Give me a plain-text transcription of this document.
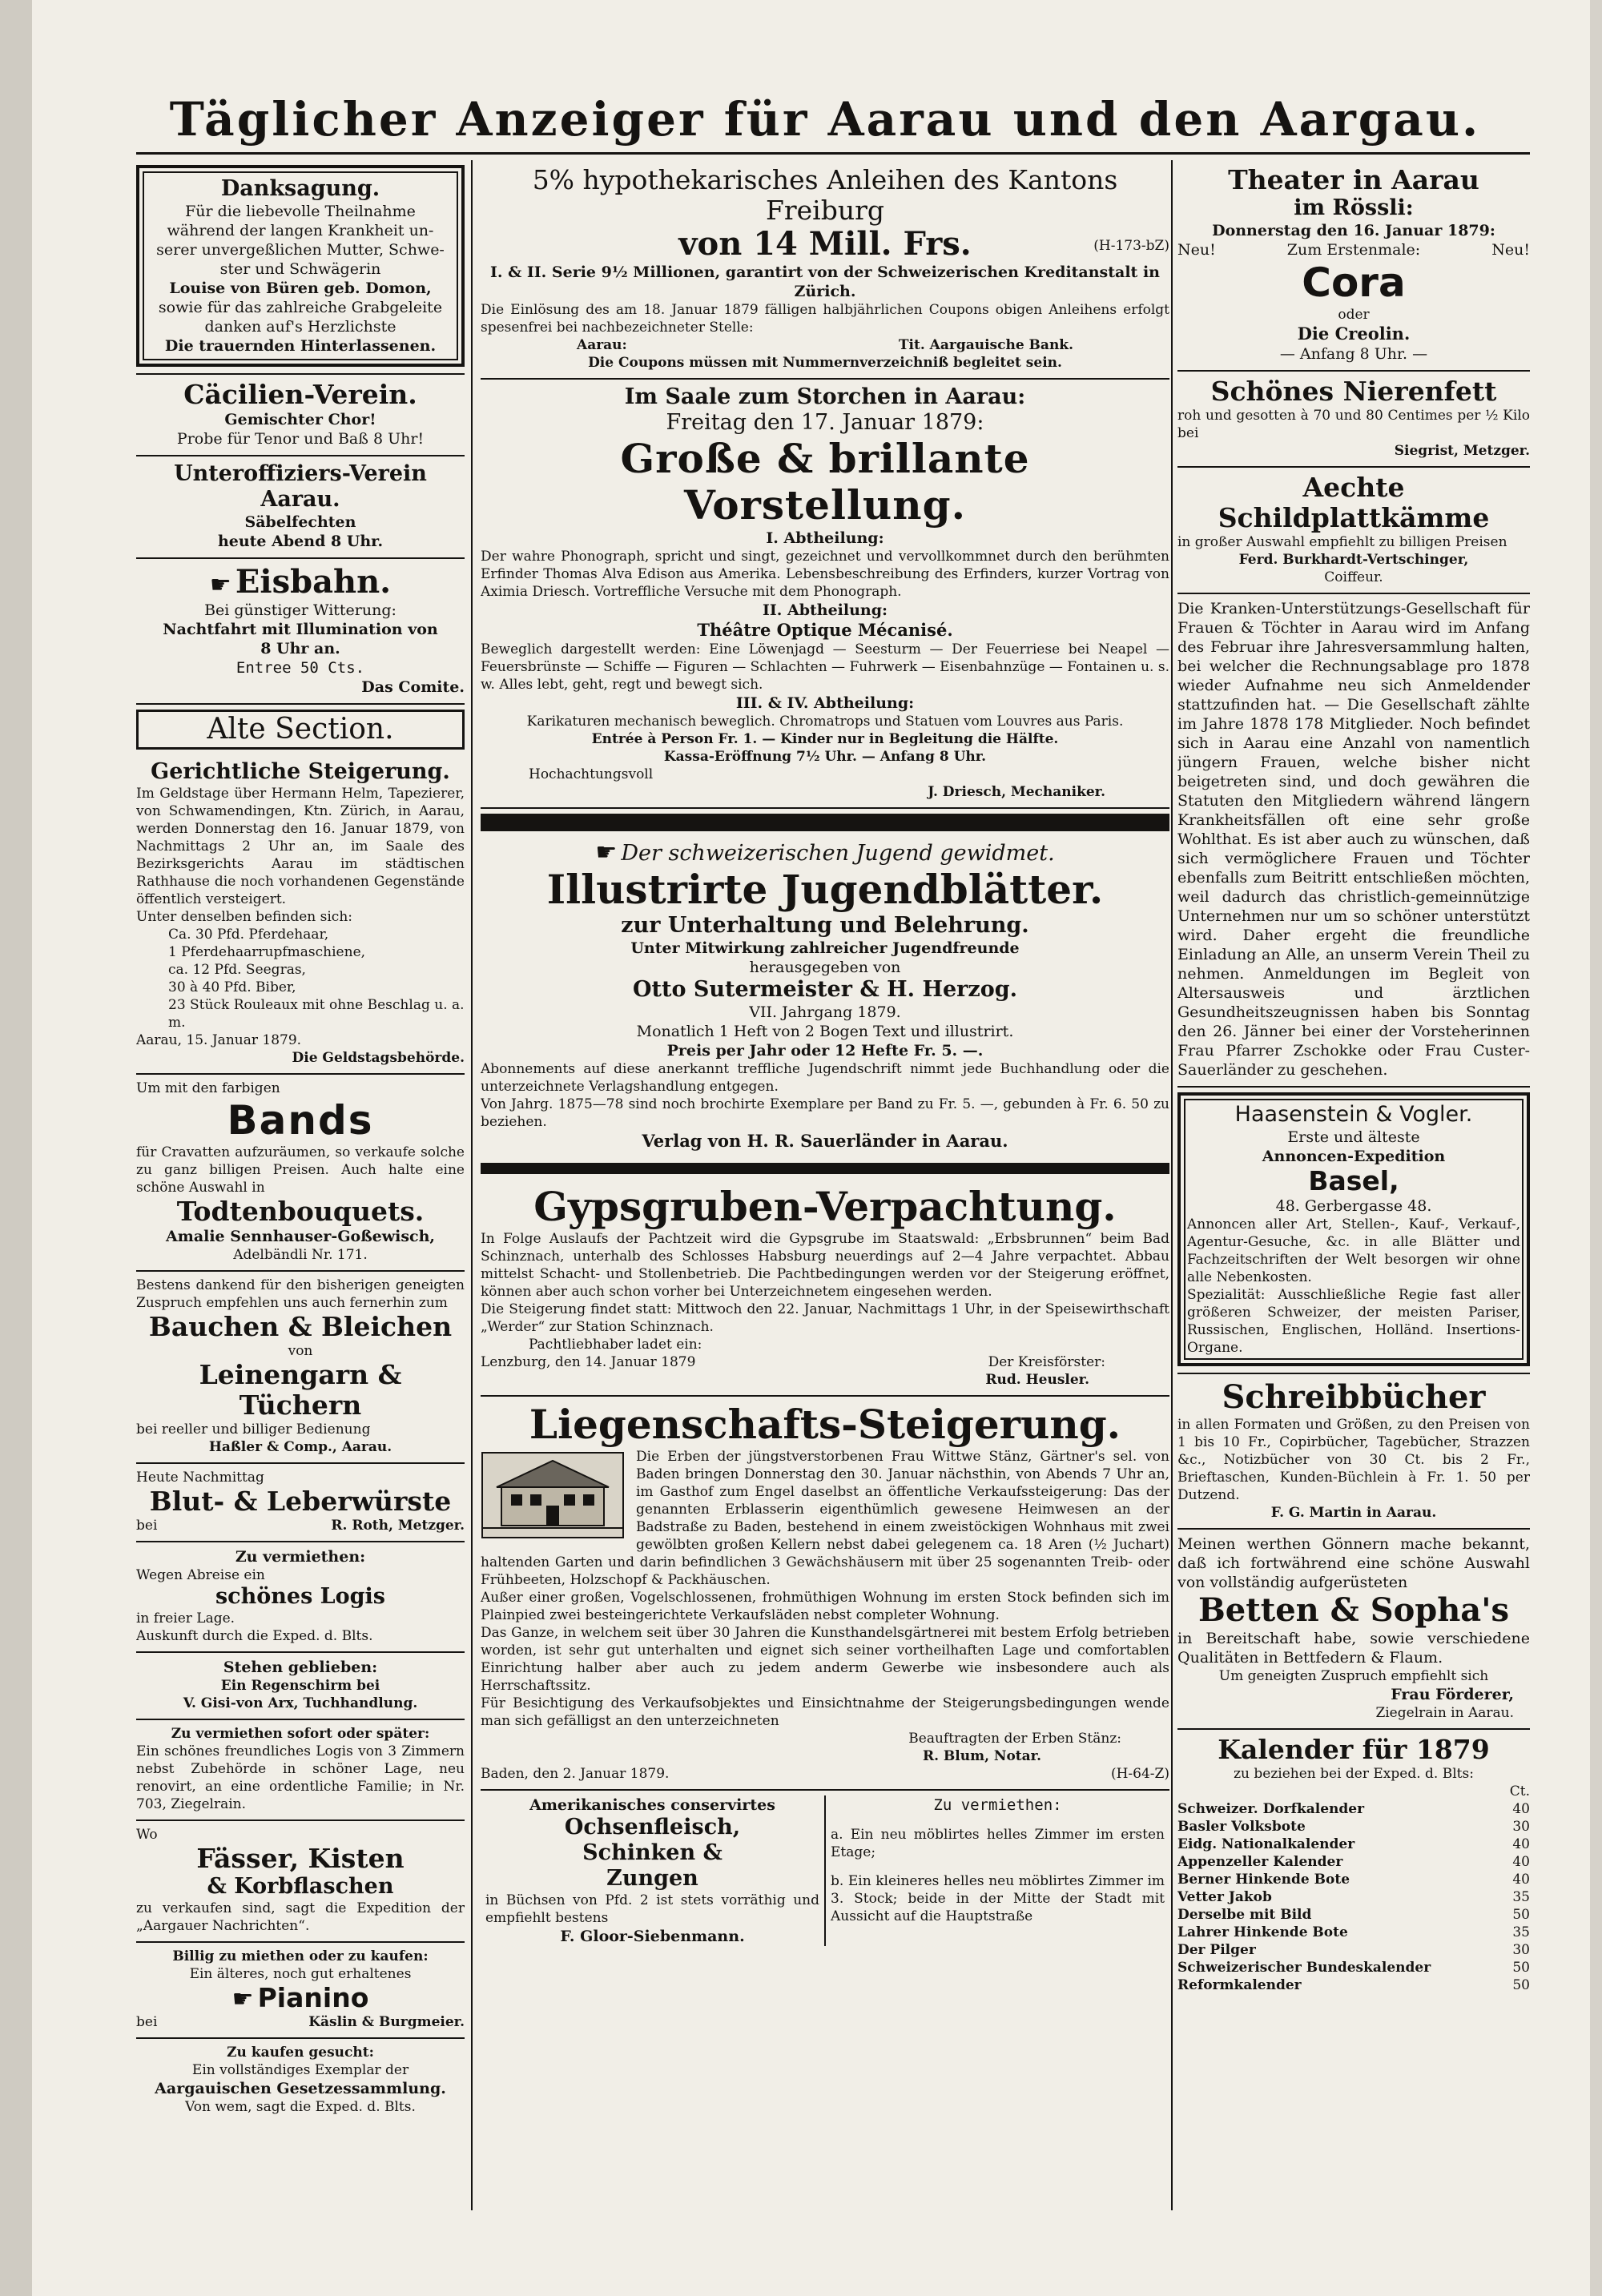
Täglicher Anzeiger für Aarau und den Aargau.

Danksagung.

Für die liebevolle Theilnahme

während der langen Krankheit un-

serer unvergeßlichen Mutter, Schwe-

ster und Schwägerin

Louise von Büren geb. Domon,

sowie für das zahlreiche Grabgeleite

danken auf's Herzlichste

Die trauernden Hinterlassenen.

Cäcilien-Verein.

Gemischter Chor!

Probe für Tenor und Baß 8 Uhr!

Unteroffiziers-Verein Aarau.

Säbelfechten

heute Abend 8 Uhr.

☛ Eisbahn.

Bei günstiger Witterung:

Nachtfahrt mit Illumination von

8 Uhr an.

Entree 50 Cts.

Das Comite.

Alte Section.

Gerichtliche Steigerung.

Im Geldstage über Hermann Helm, Tapezierer, von Schwamendingen, Ktn. Zürich, in Aarau, werden Donnerstag den 16. Januar 1879, von Nachmittags 2 Uhr an, im Saale des Bezirksgerichts Aarau im städtischen Rathhause die noch vorhandenen Gegenstände öffentlich versteigert.

Unter denselben befinden sich:

Ca. 30 Pfd. Pferdehaar,

1 Pferdehaarrupfmaschiene,

ca. 12 Pfd. Seegras,

30 à 40 Pfd. Biber,

23 Stück Rouleaux mit ohne Beschlag u. a. m.

Aarau, 15. Januar 1879.

Die Geldstagsbehörde.

Um mit den farbigen

Bands

für Cravatten aufzuräumen, so verkaufe solche zu ganz billigen Preisen. Auch halte eine schöne Auswahl in

Todtenbouquets.

Amalie Sennhauser-Goßewisch,

Adelbändli Nr. 171.

Bestens dankend für den bisherigen geneigten Zuspruch empfehlen uns auch fernerhin zum

Bauchen & Bleichen

von

Leinengarn & Tüchern

bei reeller und billiger Bedienung

Haßler & Comp., Aarau.

Heute Nachmittag

Blut- & Leberwürste

bei	R. Roth, Metzger.

Zu vermiethen:

Wegen Abreise ein

schönes Logis

in freier Lage.

Auskunft durch die Exped. d. Blts.

Stehen geblieben:

Ein Regenschirm bei

V. Gisi-von Arx, Tuchhandlung.

Zu vermiethen sofort oder später:

Ein schönes freundliches Logis von 3 Zimmern nebst Zubehörde in schöner Lage, neu renovirt, an eine ordentliche Familie; in Nr. 703, Ziegelrain.

Wo

Fässer, Kisten

& Korbflaschen

zu verkaufen sind, sagt die Expedition der „Aargauer Nachrichten“.

Billig zu miethen oder zu kaufen:

Ein älteres, noch gut erhaltenes

☛ Pianino

bei	Käslin & Burgmeier.

Zu kaufen gesucht:

Ein vollständiges Exemplar der

Aargauischen Gesetzessammlung.

Von wem, sagt die Exped. d. Blts.

5% hypothekarisches Anleihen des Kantons Freiburg

von 14 Mill. Frs.	(H-173-bZ)

I. & II. Serie 9½ Millionen, garantirt von der Schweizerischen Kreditanstalt in Zürich.

Die Einlösung des am 18. Januar 1879 fälligen halbjährlichen Coupons obigen Anleihens erfolgt spesenfrei bei nachbezeichneter Stelle:

Aarau:	Tit. Aargauische Bank.

Die Coupons müssen mit Nummernverzeichniß begleitet sein.

Im Saale zum Storchen in Aarau:

Freitag den 17. Januar 1879:

Große & brillante Vorstellung.

I. Abtheilung:

Der wahre Phonograph, spricht und singt, gezeichnet und vervollkommnet durch den berühmten Erfinder Thomas Alva Edison aus Amerika. Lebensbeschreibung des Erfinders, kurzer Vortrag von Aximia Driesch. Vortreffliche Versuche mit dem Phonograph.

II. Abtheilung:

Théâtre Optique Mécanisé.

Beweglich dargestellt werden: Eine Löwenjagd — Seesturm — Der Feuerriese bei Neapel — Feuersbrünste — Schiffe — Figuren — Schlachten — Fuhrwerk — Eisenbahnzüge — Fontainen u. s. w. Alles lebt, geht, regt und bewegt sich.

III. & IV. Abtheilung:

Karikaturen mechanisch beweglich. Chromatrops und Statuen vom Louvres aus Paris.

Entrée à Person Fr. 1. — Kinder nur in Begleitung die Hälfte.

Kassa-Eröffnung 7½ Uhr. — Anfang 8 Uhr.

Hochachtungsvoll

J. Driesch, Mechaniker.

☛ Der schweizerischen Jugend gewidmet.

Illustrirte Jugendblätter.

zur Unterhaltung und Belehrung.

Unter Mitwirkung zahlreicher Jugendfreunde

herausgegeben von

Otto Sutermeister & H. Herzog.

VII. Jahrgang 1879.

Monatlich 1 Heft von 2 Bogen Text und illustrirt.

Preis per Jahr oder 12 Hefte Fr. 5. —.

Abonnements auf diese anerkannt treffliche Jugendschrift nimmt jede Buchhandlung oder die unterzeichnete Verlagshandlung entgegen.

Von Jahrg. 1875—78 sind noch brochirte Exemplare per Band zu Fr. 5. —, gebunden à Fr. 6. 50 zu beziehen.

Verlag von H. R. Sauerländer in Aarau.

Gypsgruben-Verpachtung.

In Folge Auslaufs der Pachtzeit wird die Gypsgrube im Staatswald: „Erbsbrunnen“ beim Bad Schinznach, unterhalb des Schlosses Habsburg neuerdings auf 2—4 Jahre verpachtet. Abbau mittelst Schacht- und Stollenbetrieb. Die Pachtbedingungen werden vor der Steigerung eröffnet, können aber auch schon vorher bei Unterzeichnetem eingesehen werden.

Die Steigerung findet statt: Mittwoch den 22. Januar, Nachmittags 1 Uhr, in der Speisewirthschaft „Werder“ zur Station Schinznach.

Pachtliebhaber ladet ein:

Lenzburg, den 14. Januar 1879	Der Kreisförster:

Rud. Heusler.

Liegenschafts-Steigerung.

Die Erben der jüngstverstorbenen Frau Wittwe Stänz, Gärtner's sel. von Baden bringen Donnerstag den 30. Januar nächsthin, von Abends 7 Uhr an, im Gasthof zum Engel daselbst an öffentliche Verkaufssteigerung: Das der genannten Erblasserin eigenthümlich gewesene Heimwesen an der Badstraße zu Baden, bestehend in einem zweistöckigen Wohnhaus mit zwei gewölbten großen Kellern nebst dabei gelegenem ca. 18 Aren (½ Juchart) haltenden Garten und darin befindlichen 3 Gewächshäusern mit über 25 sogenannten Treib- oder Frühbeeten, Holzschopf & Packhäuschen.

Außer einer großen, Vogelschlossenen, frohmüthigen Wohnung im ersten Stock befinden sich im Plainpied zwei besteingerichtete Verkaufsläden nebst completer Wohnung.

Das Ganze, in welchem seit über 30 Jahren die Kunsthandelsgärtnerei mit bestem Erfolg betrieben worden, ist sehr gut unterhalten und eignet sich seiner vortheilhaften Lage und comfortablen Einrichtung halber aber auch zu jedem anderm Gewerbe wie insbesondere auch als Herrschaftssitz.

Für Besichtigung des Verkaufsobjektes und Einsichtnahme der Steigerungsbedingungen wende man sich gefälligst an den unterzeichneten

Beauftragten der Erben Stänz:

R. Blum, Notar.

Baden, den 2. Januar 1879.	(H-64-Z)

Amerikanisches conservirtes

Ochsenfleisch,

Schinken &

Zungen

in Büchsen von Pfd. 2 ist stets vorräthig und empfiehlt bestens

F. Gloor-Siebenmann.

Zu vermiethen:

a. Ein neu möblirtes helles Zimmer im ersten Etage;

b. Ein kleineres helles neu möblirtes Zimmer im 3. Stock; beide in der Mitte der Stadt mit Aussicht auf die Hauptstraße

Theater in Aarau

im Rössli:

Donnerstag den 16. Januar 1879:

Neu!	Zum Erstenmale:	Neu!

Cora

oder

Die Creolin.

— Anfang 8 Uhr. —

Schönes Nierenfett

roh und gesotten à 70 und 80 Centimes per ½ Kilo bei

Siegrist, Metzger.

Aechte Schildplattkämme

in großer Auswahl empfiehlt zu billigen Preisen

Ferd. Burkhardt-Vertschinger,

Coiffeur.

Die Kranken-Unterstützungs-Gesellschaft für Frauen & Töchter in Aarau wird im Anfang des Februar ihre Jahresversammlung halten, bei welcher die Rechnungsablage pro 1878 wieder Aufnahme neu sich Anmeldender stattzufinden hat. — Die Gesellschaft zählte im Jahre 1878 178 Mitglieder. Noch befindet sich in Aarau eine Anzahl von namentlich jüngern Frauen, welche bisher nicht beigetreten sind, und doch gewähren die Statuten den Mitgliedern während längern Krankheitsfällen oft eine sehr große Wohlthat. Es ist aber auch zu wünschen, daß sich vermöglichere Frauen und Töchter ebenfalls zum Beitritt entschließen möchten, weil dadurch das christlich-gemeinnützige Unternehmen nur um so schöner unterstützt wird. Daher ergeht die freundliche Einladung an Alle, an unserm Verein Theil zu nehmen. Anmeldungen im Begleit von Altersausweis und ärztlichen Gesundheitszeugnissen haben bis Sonntag den 26. Jänner bei einer der Vorsteherinnen Frau Pfarrer Zschokke oder Frau Custer-Sauerländer zu geschehen.

Haasenstein & Vogler.

Erste und älteste

Annoncen-Expedition

Basel,

48. Gerbergasse 48.

Annoncen aller Art, Stellen-, Kauf-, Verkauf-, Agentur-Gesuche, &c. in alle Blätter und Fachzeitschriften der Welt besorgen wir ohne alle Nebenkosten.

Spezialität: Ausschließliche Regie fast aller größeren Schweizer, der meisten Pariser, Russischen, Englischen, Holländ. Insertions-Organe.

Schreibbücher

in allen Formaten und Größen, zu den Preisen von 1 bis 10 Fr., Copirbücher, Tagebücher, Strazzen &c., Notizbücher von 30 Ct. bis 2 Fr., Brieftaschen, Kunden-Büchlein à Fr. 1. 50 per Dutzend.

F. G. Martin in Aarau.

Meinen werthen Gönnern mache bekannt, daß ich fortwährend eine schöne Auswahl von vollständig aufgerüsteten

Betten & Sopha's

in Bereitschaft habe, sowie verschiedene Qualitäten in Bettfedern & Flaum.

Um geneigten Zuspruch empfiehlt sich

Frau Förderer,

Ziegelrain in Aarau.

Kalender für 1879

zu beziehen bei der Exped. d. Blts:

Ct.

Schweizer. Dorfkalender	40
Basler Volksbote	30
Eidg. Nationalkalender	40
Appenzeller Kalender	40
Berner Hinkende Bote	40
Vetter Jakob	35
Derselbe mit Bild	50
Lahrer Hinkende Bote	35
Der Pilger	30
Schweizerischer Bundeskalender	50
Reformkalender	50
